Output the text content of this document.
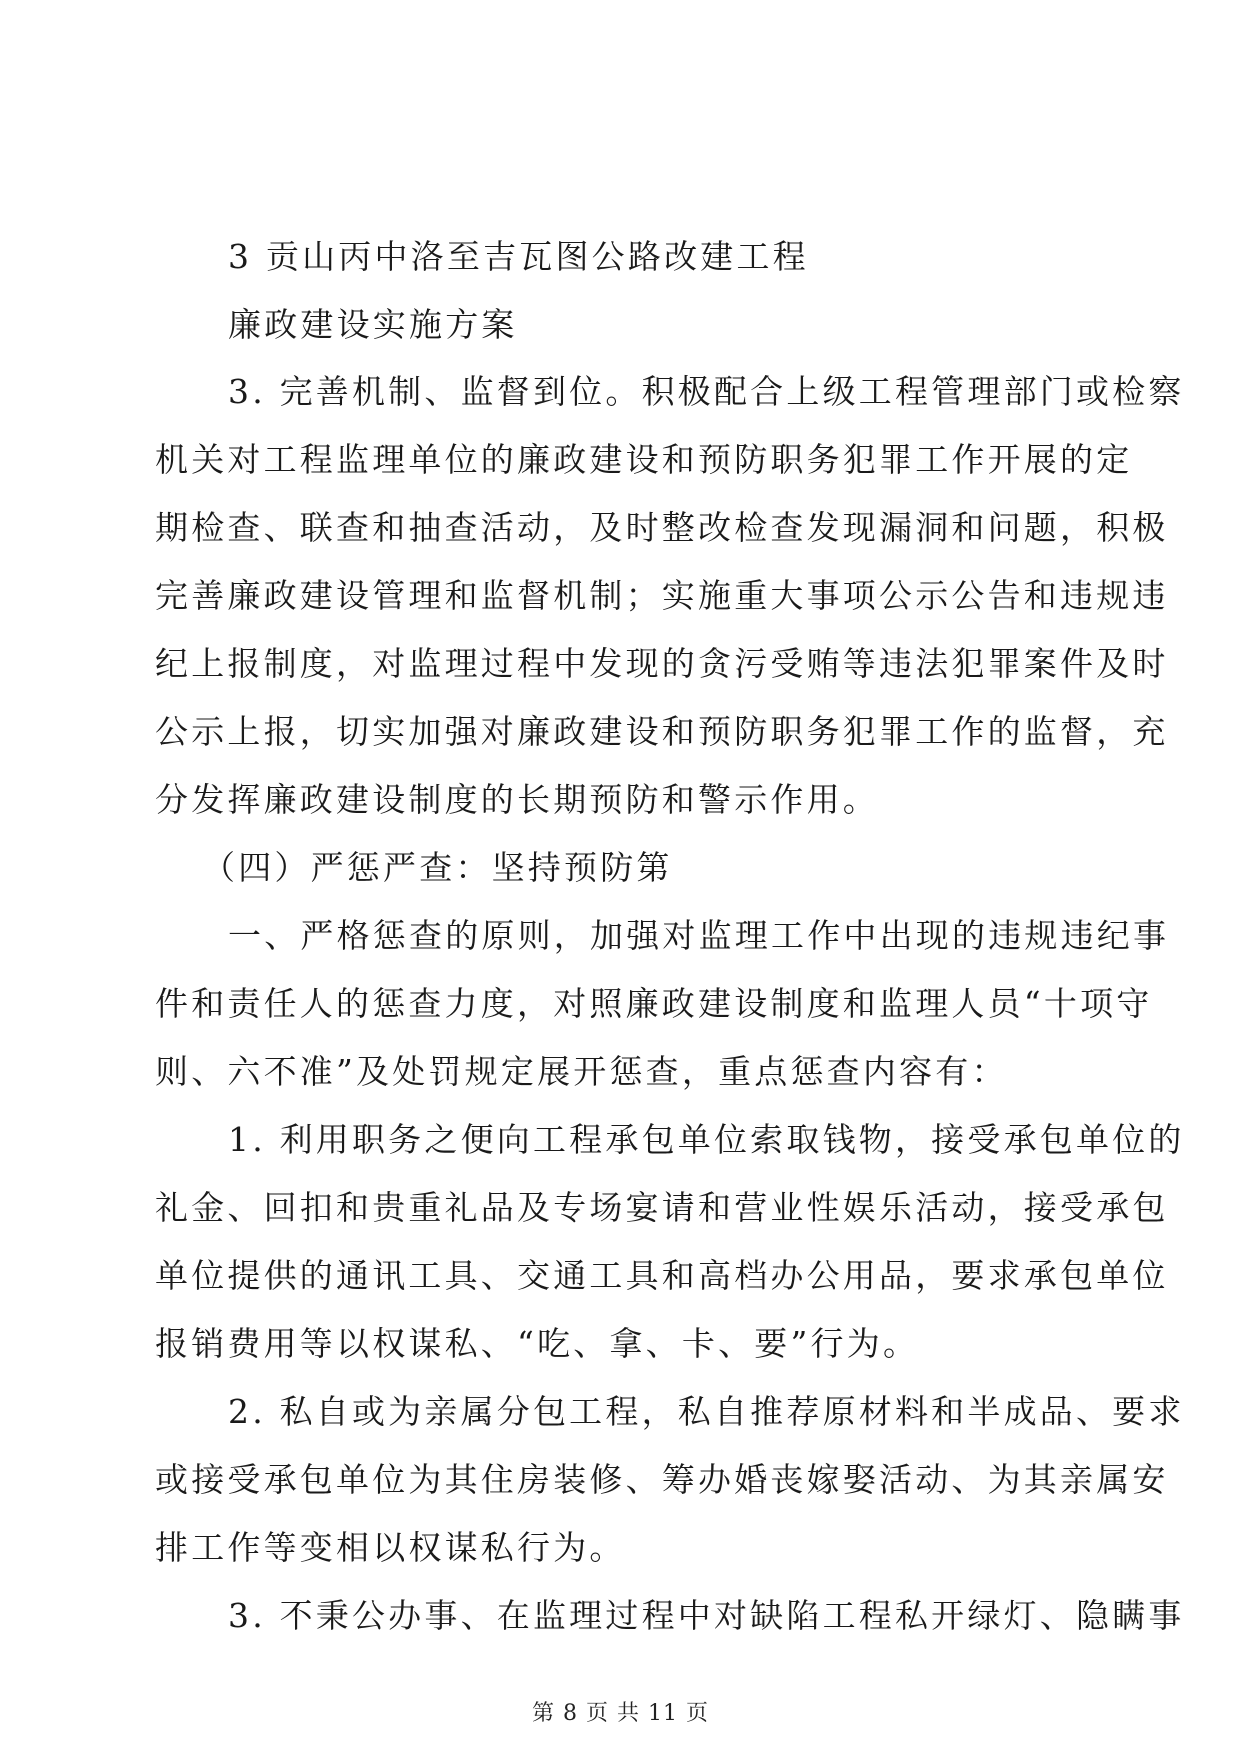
3 贡山丙中洛至吉瓦图公路改建工程
廉政建设实施方案
3. 完善机制、监督到位。积极配合上级工程管理部门或检察
机关对工程监理单位的廉政建设和预防职务犯罪工作开展的定
期检查、联查和抽查活动，及时整改检查发现漏洞和问题，积极
完善廉政建设管理和监督机制；实施重大事项公示公告和违规违
纪上报制度，对监理过程中发现的贪污受贿等违法犯罪案件及时
公示上报，切实加强对廉政建设和预防职务犯罪工作的监督，充
分发挥廉政建设制度的长期预防和警示作用。
（四）严惩严查：坚持预防第
一、严格惩查的原则，加强对监理工作中出现的违规违纪事
件和责任人的惩查力度，对照廉政建设制度和监理人员“十项守
则、六不准”及处罚规定展开惩查，重点惩查内容有：
1. 利用职务之便向工程承包单位索取钱物，接受承包单位的
礼金、回扣和贵重礼品及专场宴请和营业性娱乐活动，接受承包
单位提供的通讯工具、交通工具和高档办公用品，要求承包单位
报销费用等以权谋私、“吃、拿、卡、要”行为。
2. 私自或为亲属分包工程，私自推荐原材料和半成品、要求
或接受承包单位为其住房装修、筹办婚丧嫁娶活动、为其亲属安
排工作等变相以权谋私行为。
3. 不秉公办事、在监理过程中对缺陷工程私开绿灯、隐瞒事
第 8 页 共 11 页
